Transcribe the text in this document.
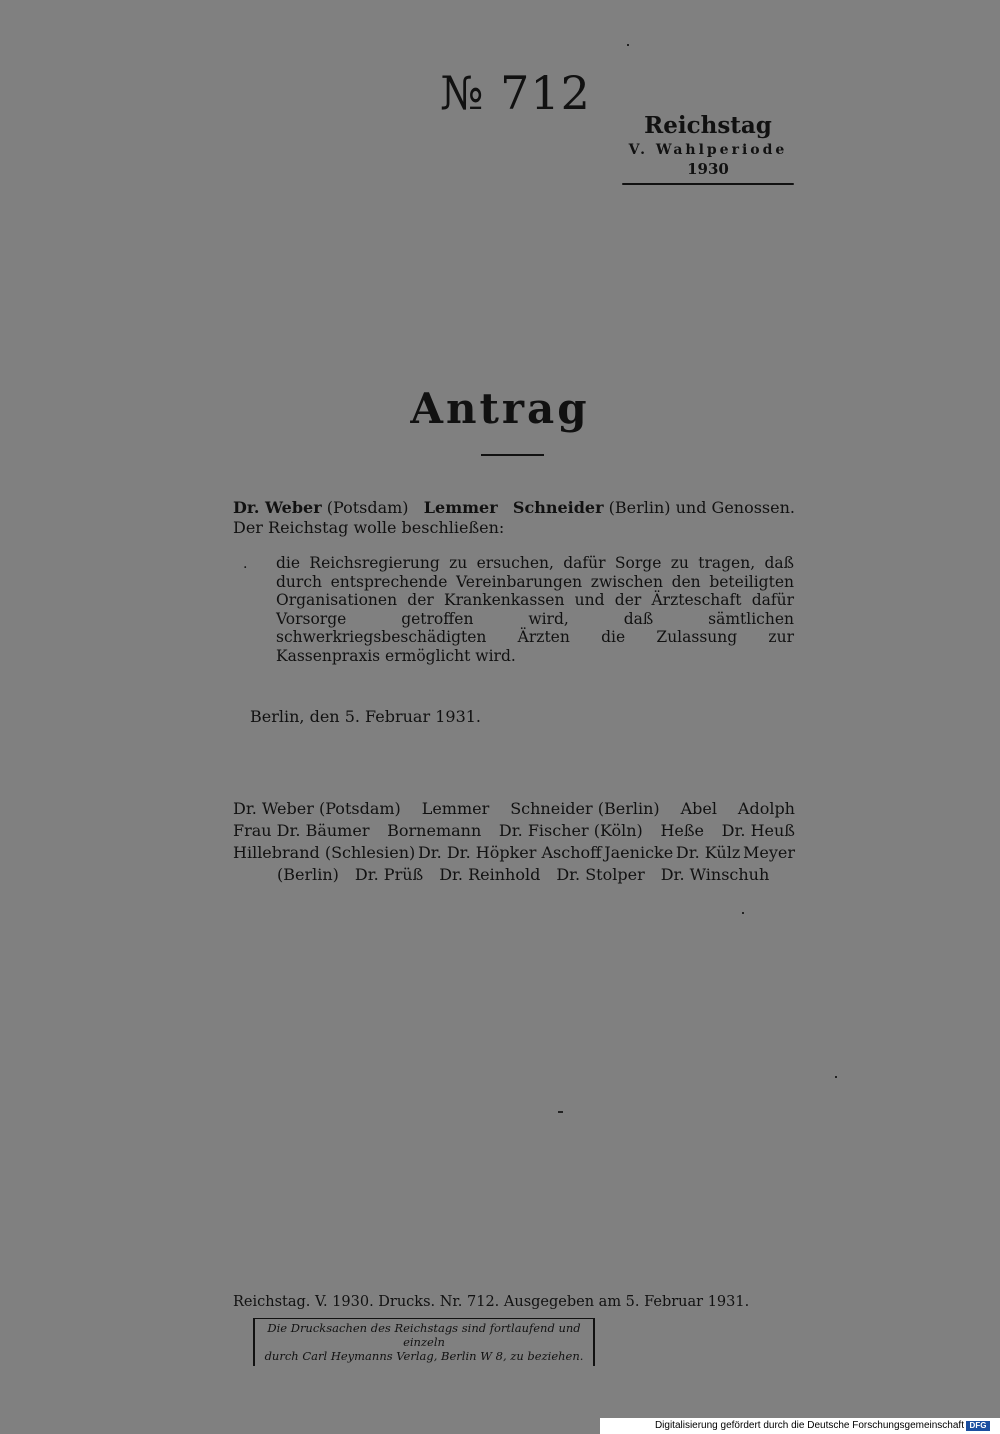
№ 712
Reichstag
V. Wahlperiode
1930
Antrag
Dr. Weber (Potsdam) Lemmer Schneider (Berlin) und Genossen.
Der Reichstag wolle beschließen:
. die Reichsregierung zu ersuchen, dafür Sorge zu tragen, daß durch entsprechende Vereinbarungen zwischen den beteiligten Organisationen der Krankenkassen und der Ärzteschaft dafür Vorsorge getroffen wird, daß sämtlichen schwerkriegsbeschädigten Ärzten die Zulassung zur Kassenpraxis ermöglicht wird.
Berlin, den 5. Februar 1931.
Dr. Weber (Potsdam) Lemmer Schneider (Berlin) Abel Adolph
Frau Dr. Bäumer Bornemann Dr. Fischer (Köln) Heße Dr. Heuß
Hillebrand (Schlesien) Dr. Dr. Höpker Aschoff Jaenicke Dr. Külz Meyer
(Berlin) Dr. Prüß Dr. Reinhold Dr. Stolper Dr. Winschuh
Reichstag. V. 1930. Drucks. Nr. 712. Ausgegeben am 5. Februar 1931.
Die Drucksachen des Reichstags sind fortlaufend und einzeln
durch Carl Heymanns Verlag, Berlin W 8, zu beziehen.
Digitalisierung gefördert durch die Deutsche Forschungsgemeinschaft DFG
